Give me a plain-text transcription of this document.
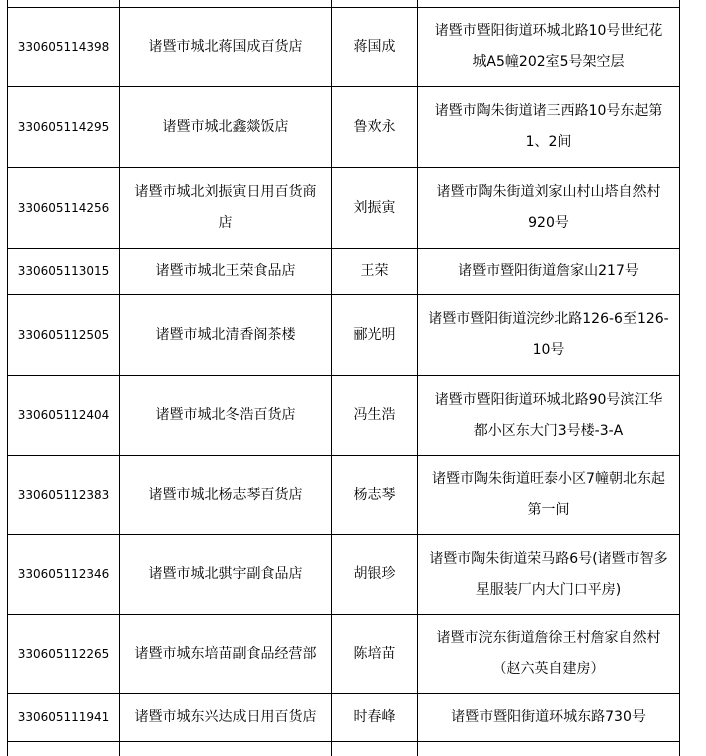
330605114398	诸暨市城北蒋国成百货店	蒋国成	诸暨市暨阳街道环城北路10号世纪花城A5幢202室5号架空层
330605114295	诸暨市城北鑫燚饭店	鲁欢永	诸暨市陶朱街道诸三西路10号东起第1、2间
330605114256	诸暨市城北刘振寅日用百货商店	刘振寅	诸暨市陶朱街道刘家山村山塔自然村920号
330605113015	诸暨市城北王荣食品店	王荣	诸暨市暨阳街道詹家山217号
330605112505	诸暨市城北清香阁茶楼	郦光明	诸暨市暨阳街道浣纱北路126-6至126-10号
330605112404	诸暨市城北冬浩百货店	冯生浩	诸暨市暨阳街道环城北路90号滨江华都小区东大门3号楼-3-A
330605112383	诸暨市城北杨志琴百货店	杨志琴	诸暨市陶朱街道旺泰小区7幢朝北东起第一间
330605112346	诸暨市城北骐宇副食品店	胡银珍	诸暨市陶朱街道荣马路6号(诸暨市智多星服装厂内大门口平房)
330605112265	诸暨市城东培苗副食品经营部	陈培苗	诸暨市浣东街道詹徐王村詹家自然村（赵六英自建房）
330605111941	诸暨市城东兴达成日用百货店	时春峰	诸暨市暨阳街道环城东路730号
